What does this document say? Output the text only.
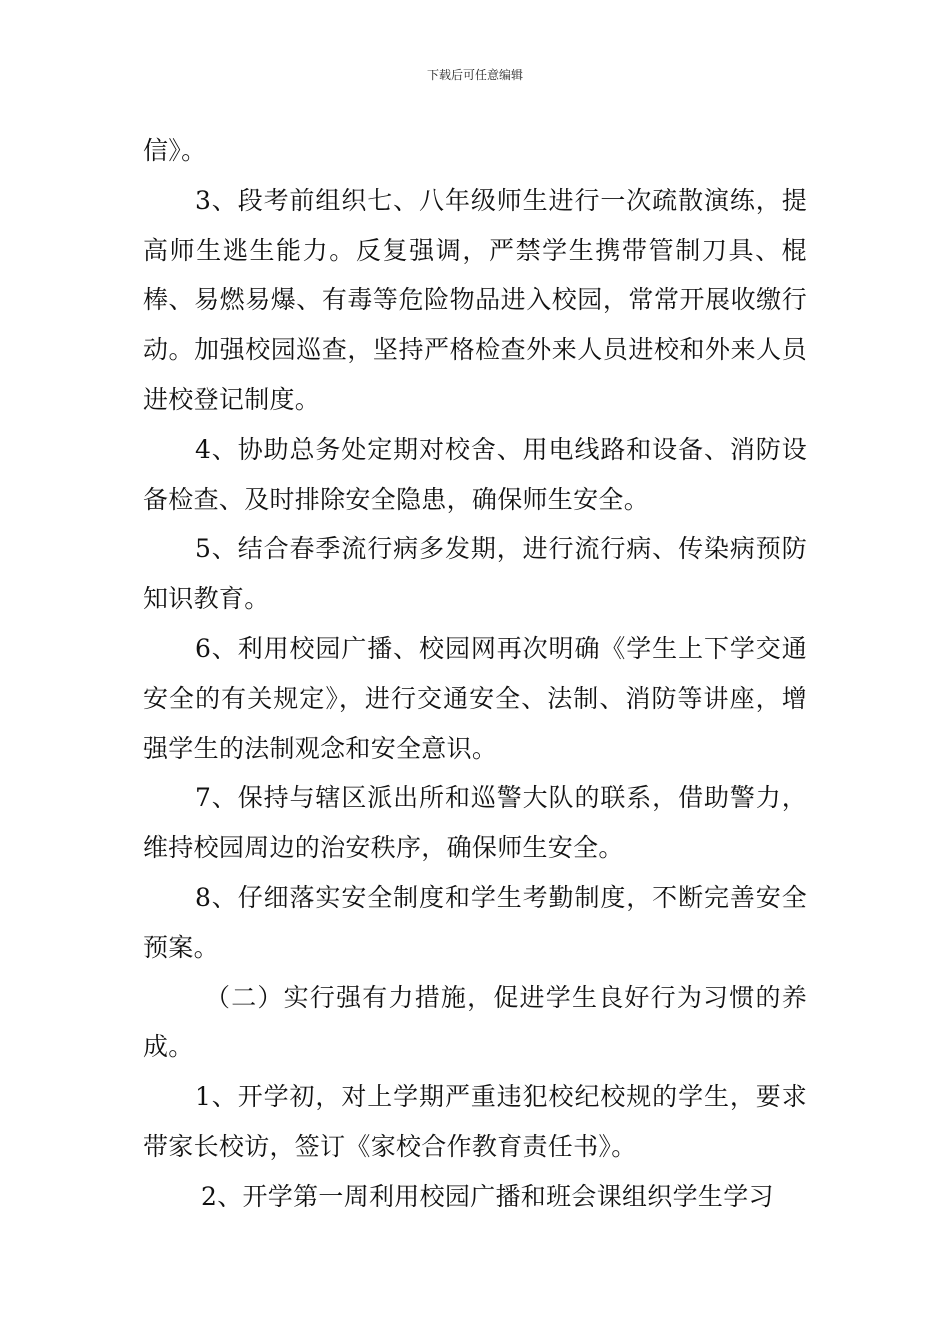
下载后可任意编辑

信》。

3、段考前组织七、八年级师生进行一次疏散演练，提高师生逃生能力。反复强调，严禁学生携带管制刀具、棍棒、易燃易爆、有毒等危险物品进入校园，常常开展收缴行动。加强校园巡查，坚持严格检查外来人员进校和外来人员进校登记制度。

4、协助总务处定期对校舍、用电线路和设备、消防设备检查、及时排除安全隐患，确保师生安全。

5、结合春季流行病多发期，进行流行病、传染病预防知识教育。

6、利用校园广播、校园网再次明确《学生上下学交通安全的有关规定》，进行交通安全、法制、消防等讲座，增强学生的法制观念和安全意识。

7、保持与辖区派出所和巡警大队的联系，借助警力，维持校园周边的治安秩序，确保师生安全。

8、仔细落实安全制度和学生考勤制度，不断完善安全预案。

（二）实行强有力措施，促进学生良好行为习惯的养成。

1、开学初，对上学期严重违犯校纪校规的学生，要求带家长校访，签订《家校合作教育责任书》。

2、开学第一周利用校园广播和班会课组织学生学习
